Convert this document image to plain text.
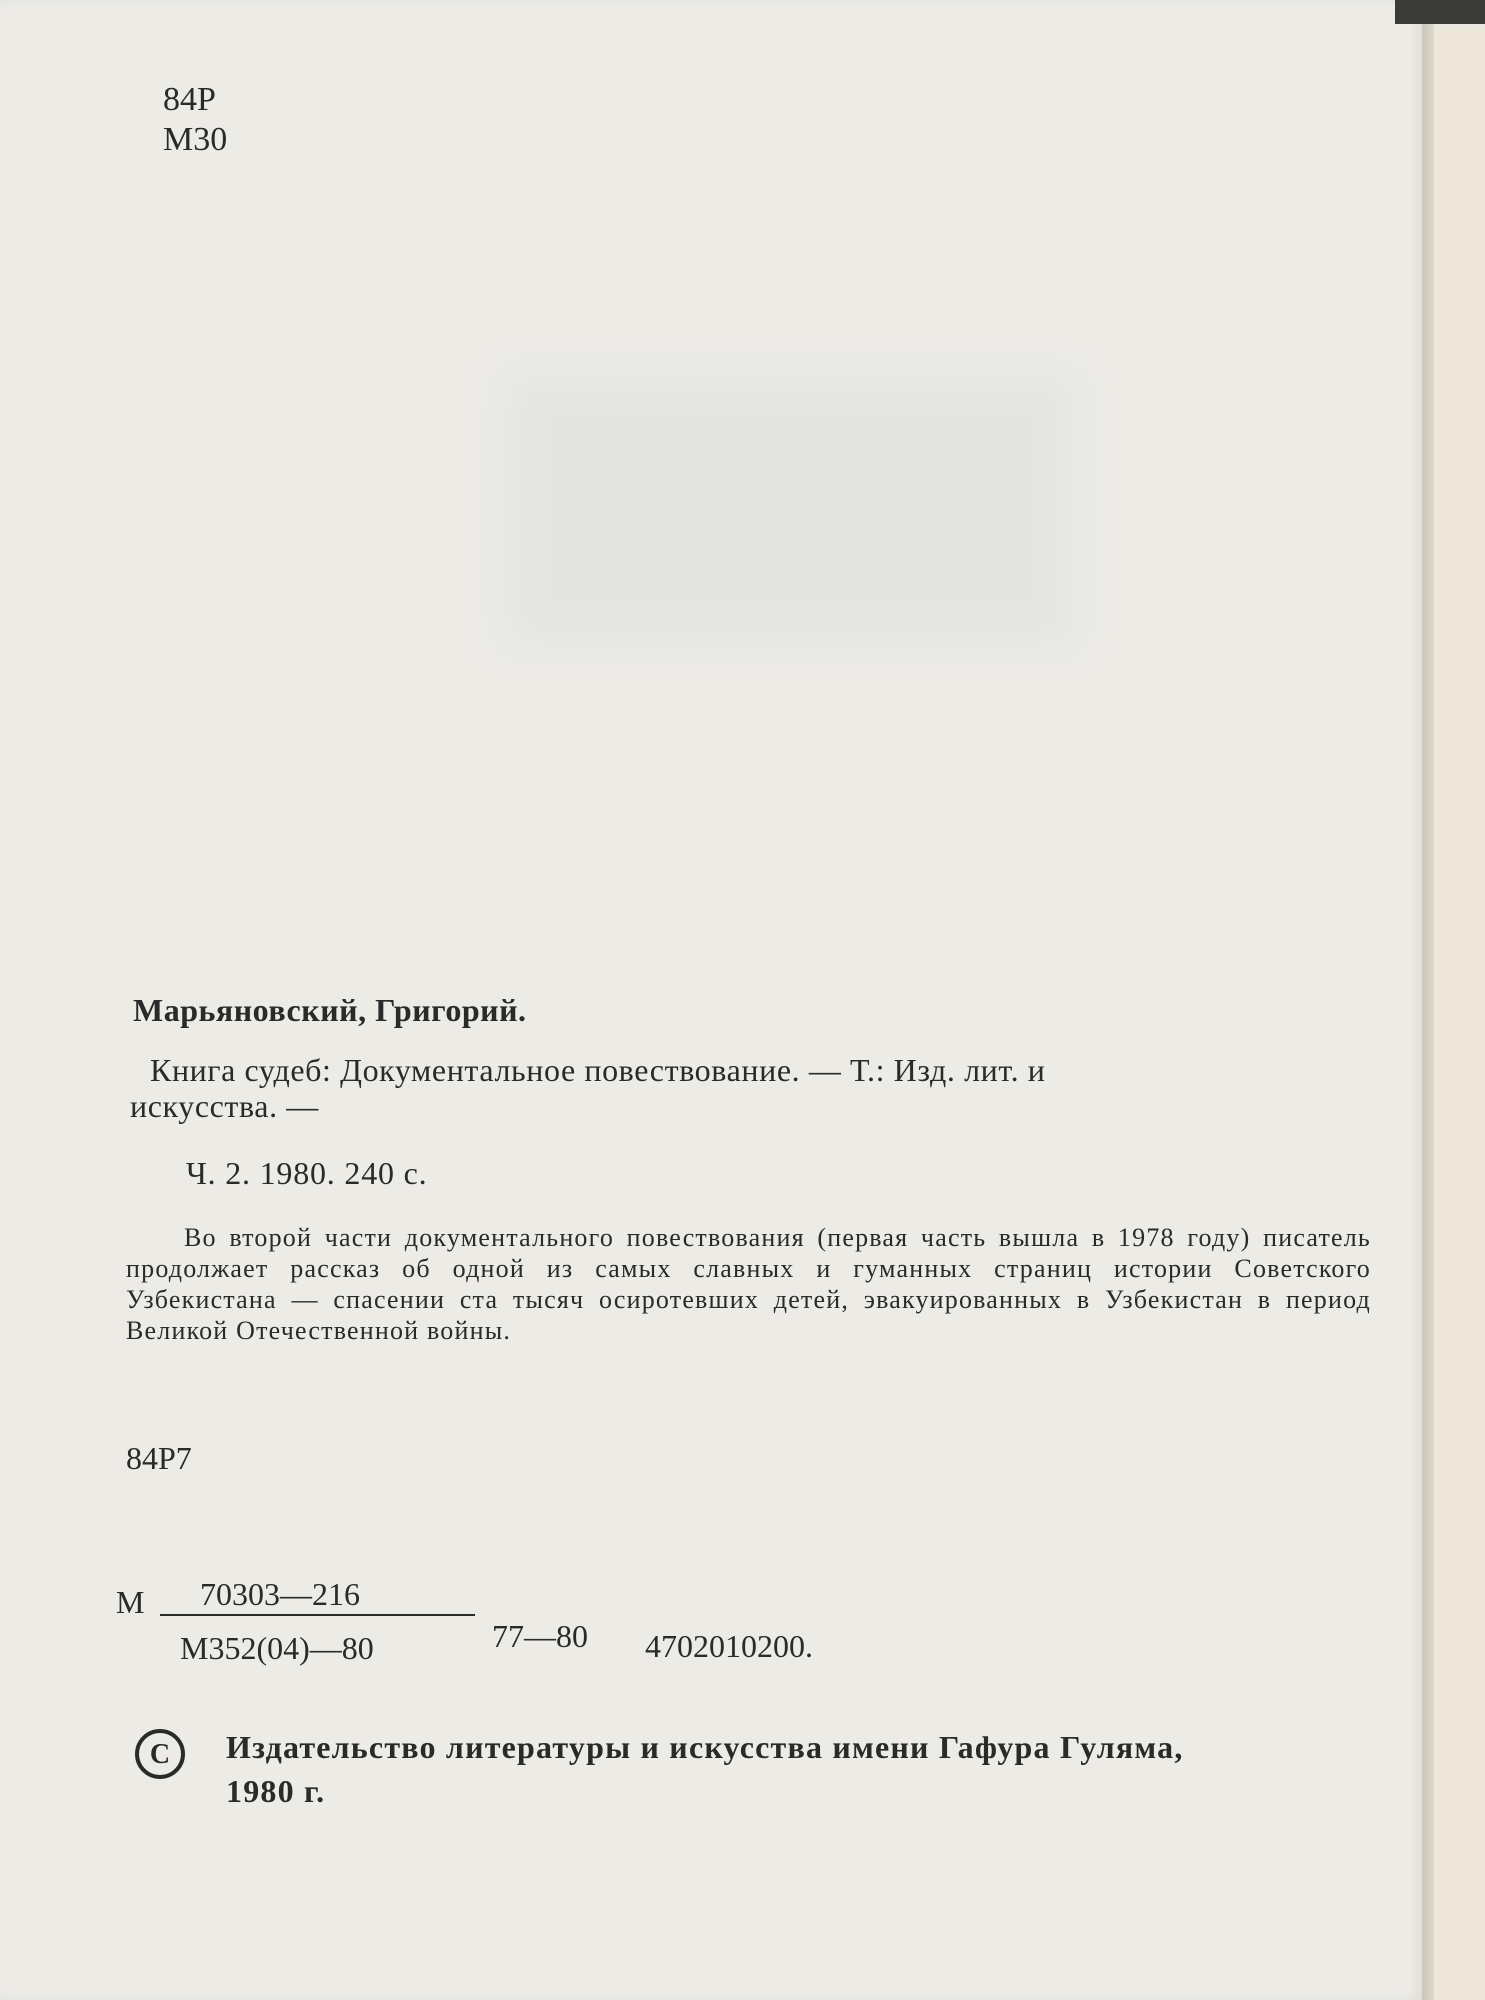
84Р
М30
Марьяновский, Григорий.
Книга судеб: Документальное повествование. — Т.: Изд. лит. и
искусства. —
Ч. 2. 1980. 240 с.

Во второй части документального повествования (первая часть вышла в 1978 году) писатель продолжает рассказ об одной из самых славных и гуманных страниц истории Советского Узбекистана — спасении ста тысяч осиротевших детей, эвакуированных в Узбекистан в период Великой Отечественной войны.

84Р7
М 70303—216
М352(04)—80	77—80 4702010200.
C Издательство литературы и искусства имени Гафура Гуляма,
1980 г.
